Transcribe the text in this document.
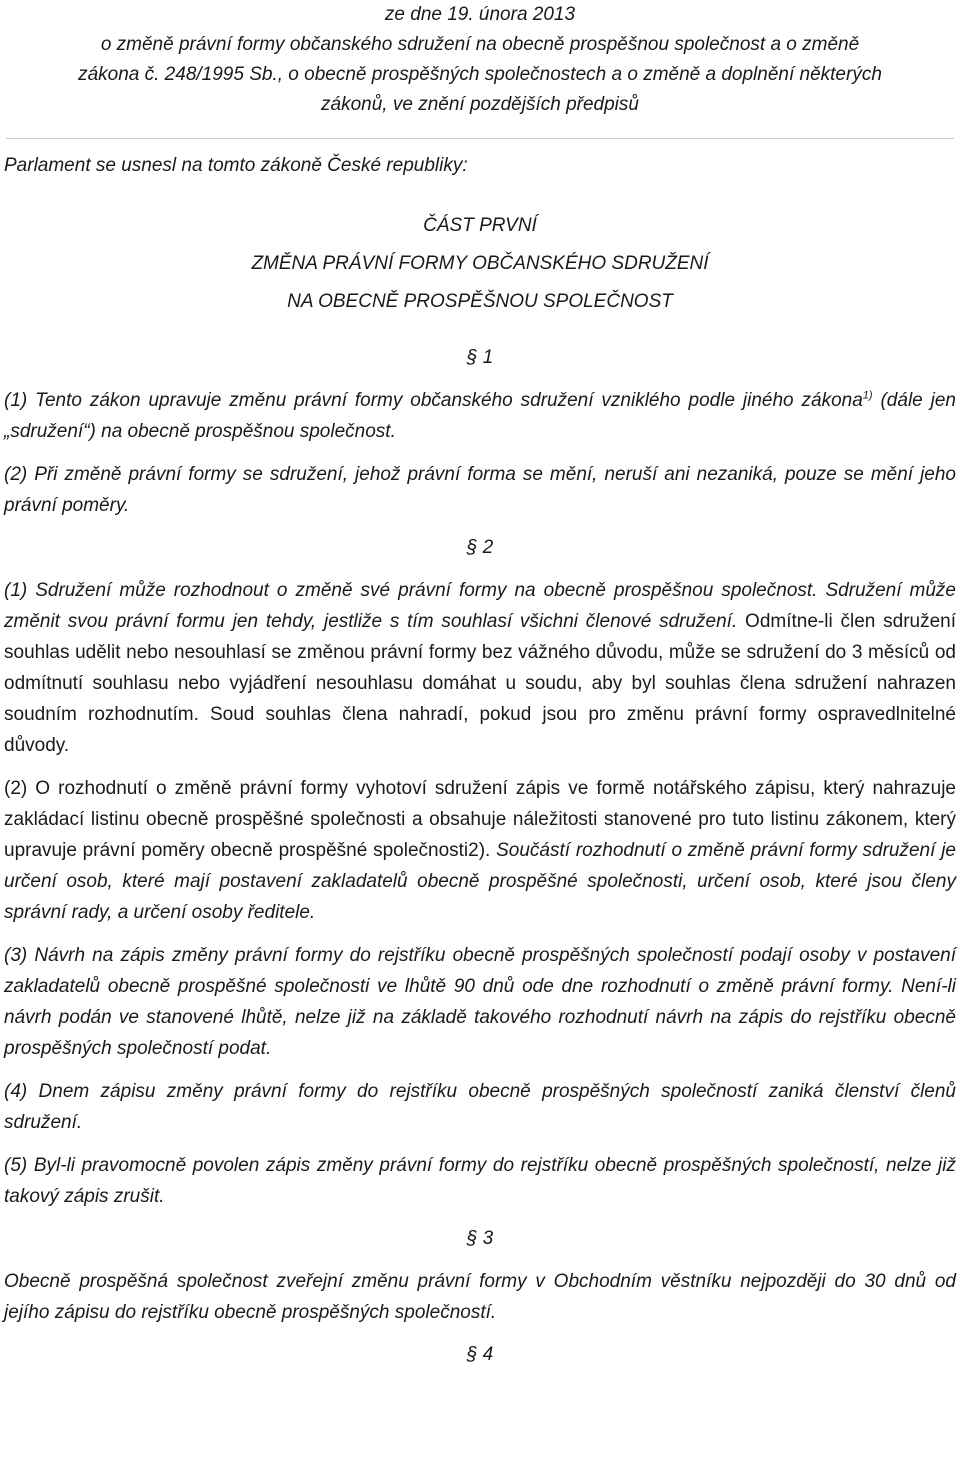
ze dne 19. února 2013

o změně právní formy občanského sdružení na obecně prospěšnou společnost a o změně

zákona č. 248/1995 Sb., o obecně prospěšných společnostech a o změně a doplnění některých

zákonů, ve znění pozdějších předpisů

Parlament se usnesl na tomto zákoně České republiky:

ČÁST PRVNÍ
ZMĚNA PRÁVNÍ FORMY OBČANSKÉHO SDRUŽENÍ
NA OBECNĚ PROSPĚŠNOU SPOLEČNOST

§ 1

(1) Tento zákon upravuje změnu právní formy občanského sdružení vzniklého podle jiného zákona$^{1)}$ (dále jen „sdružení“) na obecně prospěšnou společnost.

(2) Při změně právní formy se sdružení, jehož právní forma se mění, neruší ani nezaniká, pouze se mění jeho právní poměry.

§ 2

(1) Sdružení může rozhodnout o změně své právní formy na obecně prospěšnou společnost. Sdružení může změnit svou právní formu jen tehdy, jestliže s tím souhlasí všichni členové sdružení. Odmítne-li člen sdružení souhlas udělit nebo nesouhlasí se změnou právní formy bez vážného důvodu, může se sdružení do 3 měsíců od odmítnutí souhlasu nebo vyjádření nesouhlasu domáhat u soudu, aby byl souhlas člena sdružení nahrazen soudním rozhodnutím. Soud souhlas člena nahradí, pokud jsou pro změnu právní formy ospravedlnitelné důvody.

(2) O rozhodnutí o změně právní formy vyhotoví sdružení zápis ve formě notářského zápisu, který nahrazuje zakládací listinu obecně prospěšné společnosti a obsahuje náležitosti stanovené pro tuto listinu zákonem, který upravuje právní poměry obecně prospěšné společnosti2). Součástí rozhodnutí o změně právní formy sdružení je určení osob, které mají postavení zakladatelů obecně prospěšné společnosti, určení osob, které jsou členy správní rady, a určení osoby ředitele.

(3) Návrh na zápis změny právní formy do rejstříku obecně prospěšných společností podají osoby v postavení zakladatelů obecně prospěšné společnosti ve lhůtě 90 dnů ode dne rozhodnutí o změně právní formy. Není-li návrh podán ve stanovené lhůtě, nelze již na základě takového rozhodnutí návrh na zápis do rejstříku obecně prospěšných společností podat.

(4) Dnem zápisu změny právní formy do rejstříku obecně prospěšných společností zaniká členství členů sdružení.

(5) Byl-li pravomocně povolen zápis změny právní formy do rejstříku obecně prospěšných společností, nelze již takový zápis zrušit.

§ 3

Obecně prospěšná společnost zveřejní změnu právní formy v Obchodním věstníku nejpozději do 30 dnů od jejího zápisu do rejstříku obecně prospěšných společností.

§ 4
